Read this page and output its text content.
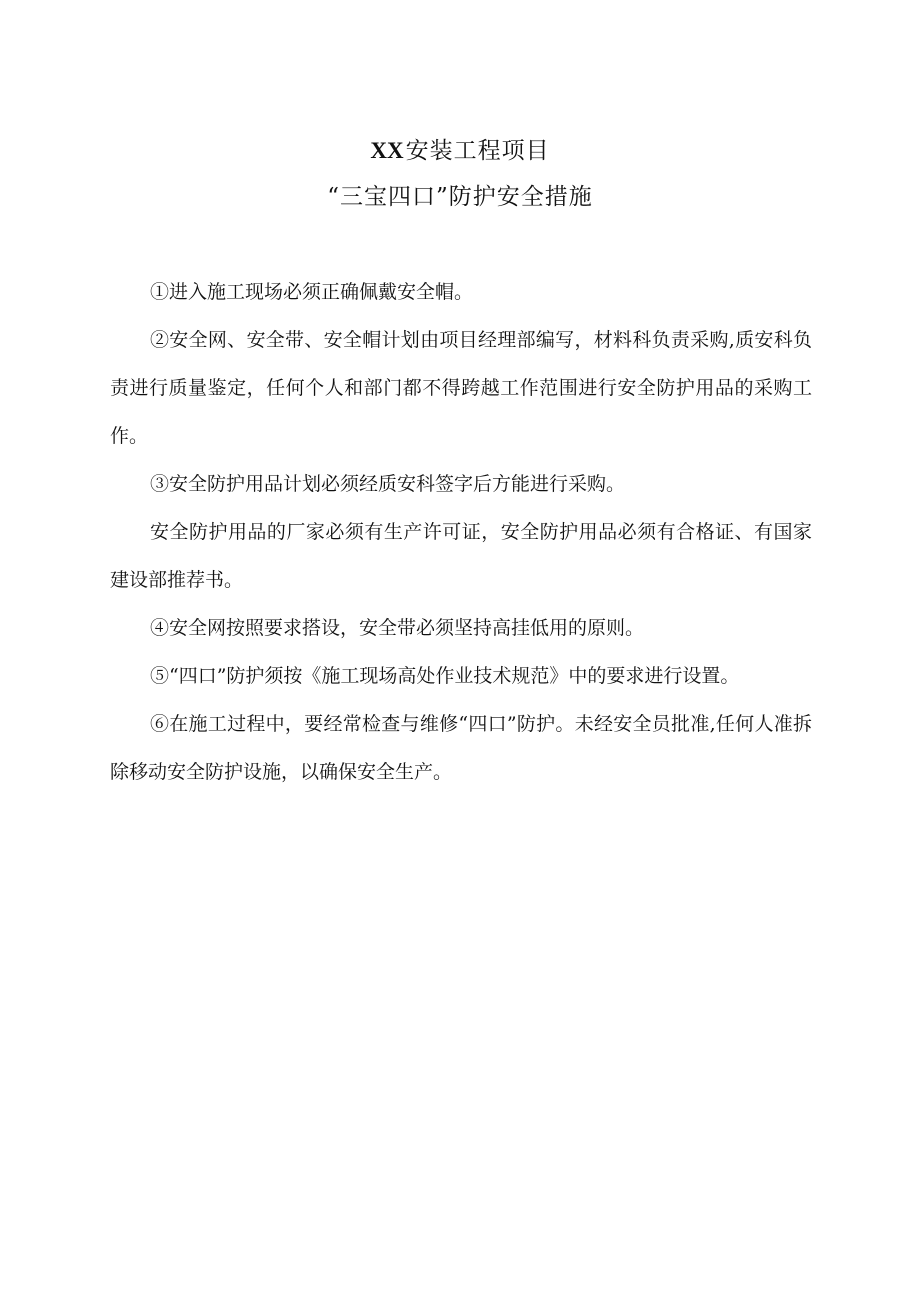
XX安装工程项目
“三宝四口”防护安全措施

①进入施工现场必须正确佩戴安全帽。

②安全网、安全带、安全帽计划由项目经理部编写，材料科负责采购,质安科负责进行质量鉴定，任何个人和部门都不得跨越工作范围进行安全防护用品的采购工作。

③安全防护用品计划必须经质安科签字后方能进行采购。

安全防护用品的厂家必须有生产许可证，安全防护用品必须有合格证、有国家建设部推荐书。

④安全网按照要求搭设，安全带必须坚持高挂低用的原则。

⑤“四口”防护须按《施工现场高处作业技术规范》中的要求进行设置。

⑥在施工过程中，要经常检查与维修“四口”防护。未经安全员批准,任何人准拆除移动安全防护设施，以确保安全生产。
